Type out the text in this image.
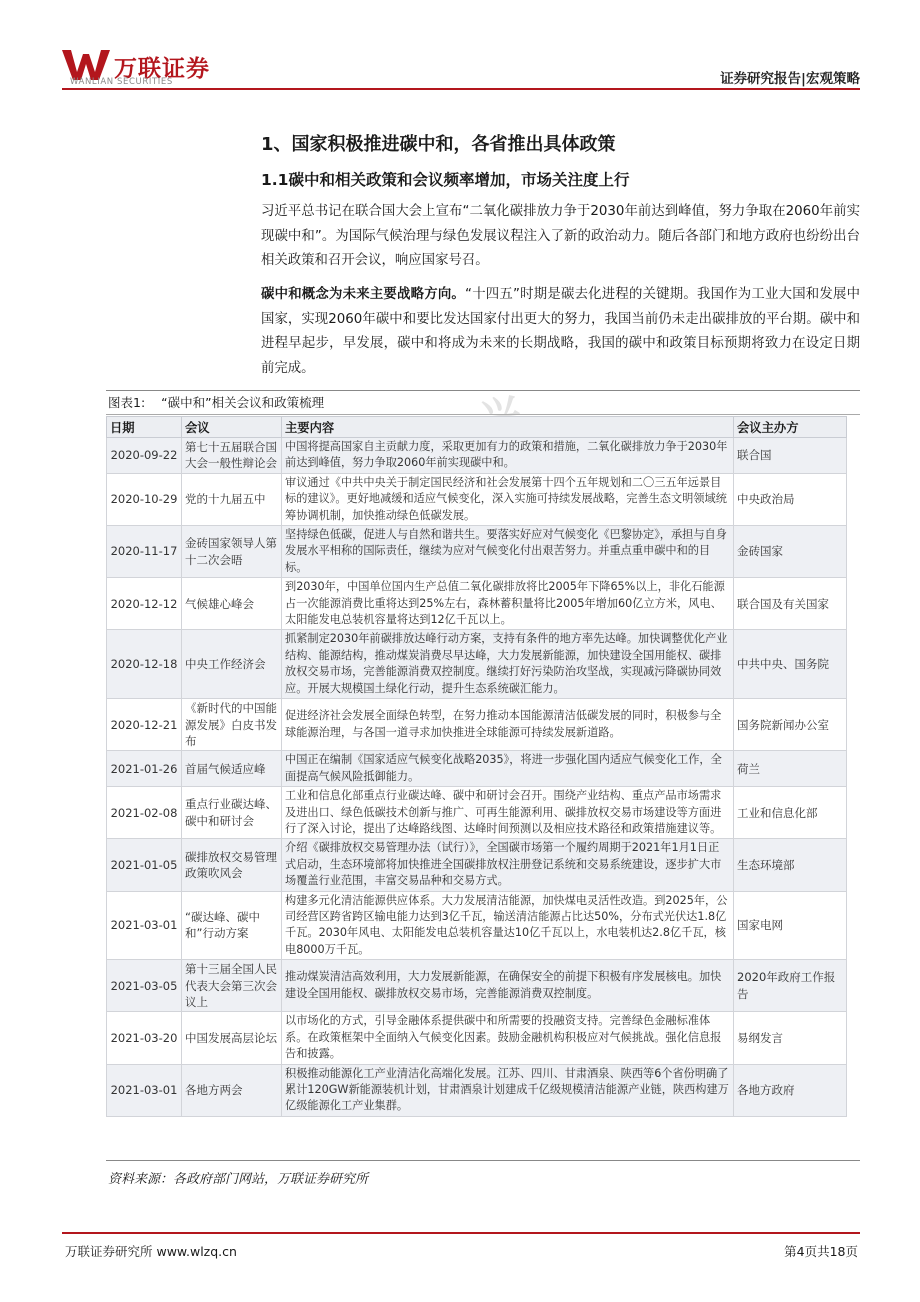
万联证券
WANLIAN SECURITIES	证券研究报告|宏观策略
1、国家积极推进碳中和，各省推出具体政策
1.1碳中和相关政策和会议频率增加，市场关注度上行
习近平总书记在联合国大会上宣布“二氧化碳排放力争于2030年前达到峰值，努力争取在2060年前实现碳中和”。为国际气候治理与绿色发展议程注入了新的政治动力。随后各部门和地方政府也纷纷出台相关政策和召开会议，响应国家号召。
碳中和概念为未来主要战略方向。“十四五”时期是碳去化进程的关键期。我国作为工业大国和发展中国家，实现2060年碳中和要比发达国家付出更大的努力，我国当前仍未走出碳排放的平台期。碳中和进程早起步，早发展，碳中和将成为未来的长期战略，我国的碳中和政策目标预期将致力在设定日期前完成。
图表1: “碳中和”相关会议和政策梳理
日期	会议	主要内容	会议主办方
2020-09-22	第七十五届联合国大会一般性辩论会	中国将提高国家自主贡献力度，采取更加有力的政策和措施，二氧化碳排放力争于2030年前达到峰值，努力争取2060年前实现碳中和。	联合国
2020-10-29	党的十九届五中	审议通过《中共中央关于制定国民经济和社会发展第十四个五年规划和二〇三五年远景目标的建议》。更好地减缓和适应气候变化，深入实施可持续发展战略，完善生态文明领域统筹协调机制，加快推动绿色低碳发展。	中央政治局
2020-11-17	金砖国家领导人第十二次会晤	坚持绿色低碳，促进人与自然和谐共生。要落实好应对气候变化《巴黎协定》，承担与自身发展水平相称的国际责任，继续为应对气候变化付出艰苦努力。并重点重申碳中和的目标。	金砖国家
2020-12-12	气候雄心峰会	到2030年，中国单位国内生产总值二氧化碳排放将比2005年下降65%以上，非化石能源占一次能源消费比重将达到25%左右，森林蓄积量将比2005年增加60亿立方米，风电、太阳能发电总装机容量将达到12亿千瓦以上。	联合国及有关国家
2020-12-18	中央工作经济会	抓紧制定2030年前碳排放达峰行动方案，支持有条件的地方率先达峰。加快调整优化产业结构、能源结构，推动煤炭消费尽早达峰，大力发展新能源，加快建设全国用能权、碳排放权交易市场，完善能源消费双控制度。继续打好污染防治攻坚战，实现减污降碳协同效应。开展大规模国土绿化行动，提升生态系统碳汇能力。	中共中央、国务院
2020-12-21	《新时代的中国能源发展》白皮书发布	促进经济社会发展全面绿色转型，在努力推动本国能源清洁低碳发展的同时，积极参与全球能源治理，与各国一道寻求加快推进全球能源可持续发展新道路。	国务院新闻办公室
2021-01-26	首届气候适应峰	中国正在编制《国家适应气候变化战略2035》，将进一步强化国内适应气候变化工作，全面提高气候风险抵御能力。	荷兰
2021-02-08	重点行业碳达峰、碳中和研讨会	工业和信息化部重点行业碳达峰、碳中和研讨会召开。围绕产业结构、重点产品市场需求及进出口、绿色低碳技术创新与推广、可再生能源利用、碳排放权交易市场建设等方面进行了深入讨论，提出了达峰路线图、达峰时间预测以及相应技术路径和政策措施建议等。	工业和信息化部
2021-01-05	碳排放权交易管理政策吹风会	介绍《碳排放权交易管理办法（试行）》，全国碳市场第一个履约周期于2021年1月1日正式启动，生态环境部将加快推进全国碳排放权注册登记系统和交易系统建设，逐步扩大市场覆盖行业范围，丰富交易品种和交易方式。	生态环境部
2021-03-01	“碳达峰、碳中和”行动方案	构建多元化清洁能源供应体系。大力发展清洁能源，加快煤电灵活性改造。到2025年，公司经营区跨省跨区输电能力达到3亿千瓦，输送清洁能源占比达50%，分布式光伏达1.8亿千瓦。2030年风电、太阳能发电总装机容量达10亿千瓦以上，水电装机达2.8亿千瓦，核电8000万千瓦。	国家电网
2021-03-05	第十三届全国人民代表大会第三次会议上	推动煤炭清洁高效利用，大力发展新能源，在确保安全的前提下积极有序发展核电。加快建设全国用能权、碳排放权交易市场，完善能源消费双控制度。	2020年政府工作报告
2021-03-20	中国发展高层论坛	以市场化的方式，引导金融体系提供碳中和所需要的投融资支持。完善绿色金融标准体系。在政策框架中全面纳入气候变化因素。鼓励金融机构积极应对气候挑战。强化信息报告和披露。	易纲发言
2021-03-01	各地方两会	积极推动能源化工产业清洁化高端化发展。江苏、四川、甘肃酒泉、陕西等6个省份明确了累计120GW新能源装机计划，甘肃酒泉计划建成千亿级规模清洁能源产业链，陕西构建万亿级能源化工产业集群。	各地方政府
资料来源：各政府部门网站，万联证券研究所
万联证券研究所 www.wlzq.cn	第4页共18页
